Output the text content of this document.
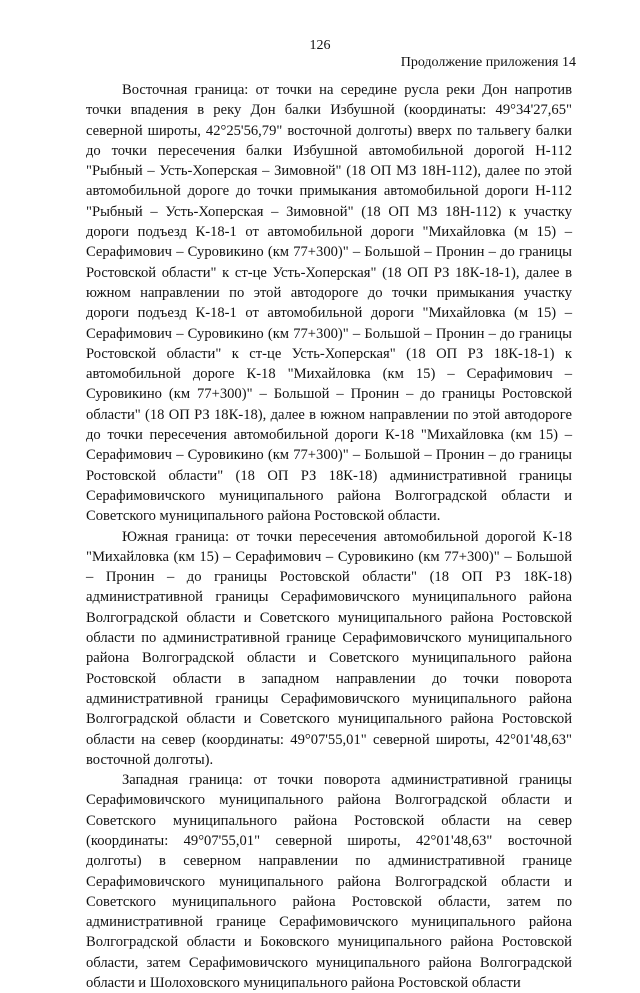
126
Продолжение приложения 14

Восточная граница: от точки на середине русла реки Дон напротив точки впадения в реку Дон балки Избушной (координаты: 49°34'27,65" северной широты, 42°25'56,79" восточной долготы) вверх по тальвегу балки до точки пересечения балки Избушной автомобильной дорогой Н-112 "Рыбный – Усть-Хоперская – Зимовной" (18 ОП МЗ 18Н-112), далее по этой автомобильной дороге до точки примыкания автомобильной дороги Н-112 "Рыбный – Усть-Хоперская – Зимовной" (18 ОП МЗ 18Н-112) к участку дороги подъезд К-18-1 от автомобильной дороги "Михайловка (м 15) – Серафимович – Суровикино (км 77+300)" – Большой – Пронин – до границы Ростовской области" к ст-це Усть-Хоперская" (18 ОП РЗ 18К-18-1), далее в южном направлении по этой автодороге до точки примыкания участку дороги подъезд К-18-1 от автомобильной дороги "Михайловка (м 15) – Серафимович – Суровикино (км 77+300)" – Большой – Пронин – до границы Ростовской области" к ст-це Усть-Хоперская" (18 ОП РЗ 18К-18-1) к автомобильной дороге К-18 "Михайловка (км 15) – Серафимович – Суровикино (км 77+300)" – Большой – Пронин – до границы Ростовской области" (18 ОП РЗ 18К-18), далее в южном направлении по этой автодороге до точки пересечения автомобильной дороги К-18 "Михайловка (км 15) – Серафимович – Суровикино (км 77+300)" – Большой – Пронин – до границы Ростовской области" (18 ОП РЗ 18К-18) административной границы Серафимовичского муниципального района Волгоградской области и Советского муниципального района Ростовской области.

Южная граница: от точки пересечения автомобильной дорогой К-18 "Михайловка (км 15) – Серафимович – Суровикино (км 77+300)" – Большой – Пронин – до границы Ростовской области" (18 ОП РЗ 18К-18) административной границы Серафимовичского муниципального района Волгоградской области и Советского муниципального района Ростовской области по административной границе Серафимовичского муниципального района Волгоградской области и Советского муниципального района Ростовской области в западном направлении до точки поворота административной границы Серафимовичского муниципального района Волгоградской области и Советского муниципального района Ростовской области на север (координаты: 49°07'55,01" северной широты, 42°01'48,63" восточной долготы).

Западная граница: от точки поворота административной границы Серафимовичского муниципального района Волгоградской области и Советского муниципального района Ростовской области на север (координаты: 49°07'55,01" северной широты, 42°01'48,63" восточной долготы) в северном направлении по административной границе Серафимовичского муниципального района Волгоградской области и Советского муниципального района Ростовской области, затем по административной границе Серафимовичского муниципального района Волгоградской области и Боковского муниципального района Ростовской области, затем Серафимовичского муниципального района Волгоградской области и Шолоховского муниципального района Ростовской области
